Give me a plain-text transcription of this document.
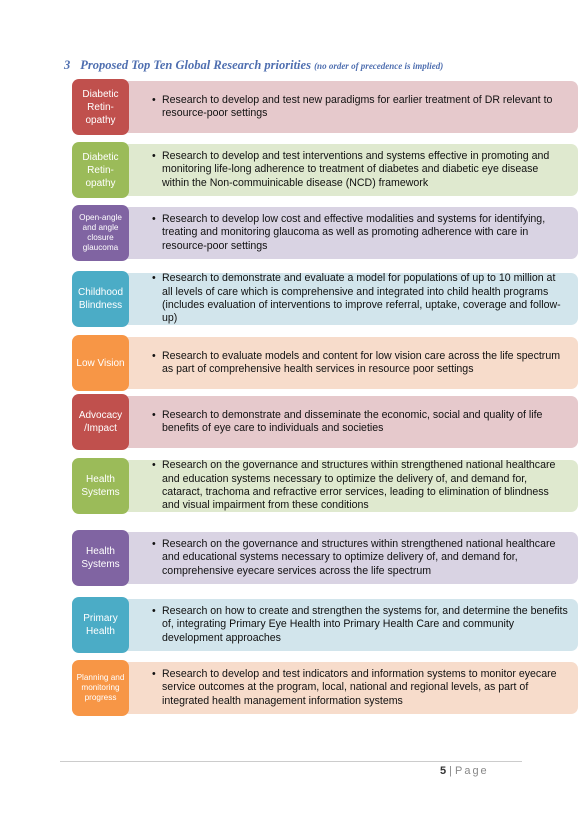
3 Proposed Top Ten Global Research priorities (no order of precedence is implied)
Diabetic Retin-opathy
• Research to develop and test new paradigms for earlier treatment of DR relevant to resource-poor settings
Diabetic Retin-opathy
• Research to develop and test interventions and systems effective in promoting and monitoring life-long adherence to treatment of diabetes and diabetic eye disease within the Non-commuinicable disease (NCD) framework
Open-angle and angle closure glaucoma
• Research to develop low cost and effective modalities and systems for identifying, treating and monitoring glaucoma as well as promoting adherence with care in resource-poor settings
Childhood Blindness
• Research to demonstrate and evaluate a model for populations of up to 10 million at all levels of care which is comprehensive and integrated into child health programs (includes evaluation of interventions to improve referral, uptake, coverage and follow-up)
Low Vision
• Research to evaluate models and content for low vision care across the life spectrum as part of comprehensive health services in resource poor settings
Advocacy /Impact
• Research to demonstrate and disseminate the economic, social and quality of life benefits of eye care to individuals and societies
Health Systems
• Research on the governance and structures within strengthened national healthcare and education systems necessary to optimize the delivery of, and demand for, cataract, trachoma and refractive error services, leading to elimination of blindness and visual impairment from these conditions
Health Systems
• Research on the governance and structures within strengthened national healthcare and educational systems necessary to optimize delivery of, and demand for, comprehensive eyecare services across the life spectrum
Primary Health
• Research on how to create and strengthen the systems for, and determine the benefits of, integrating Primary Eye Health into Primary Health Care and community development approaches
Planning and monitoring progress
• Research to develop and test indicators and information systems to monitor eyecare service outcomes at the program, local, national and regional levels, as part of integrated health management information systems
5 | Page
